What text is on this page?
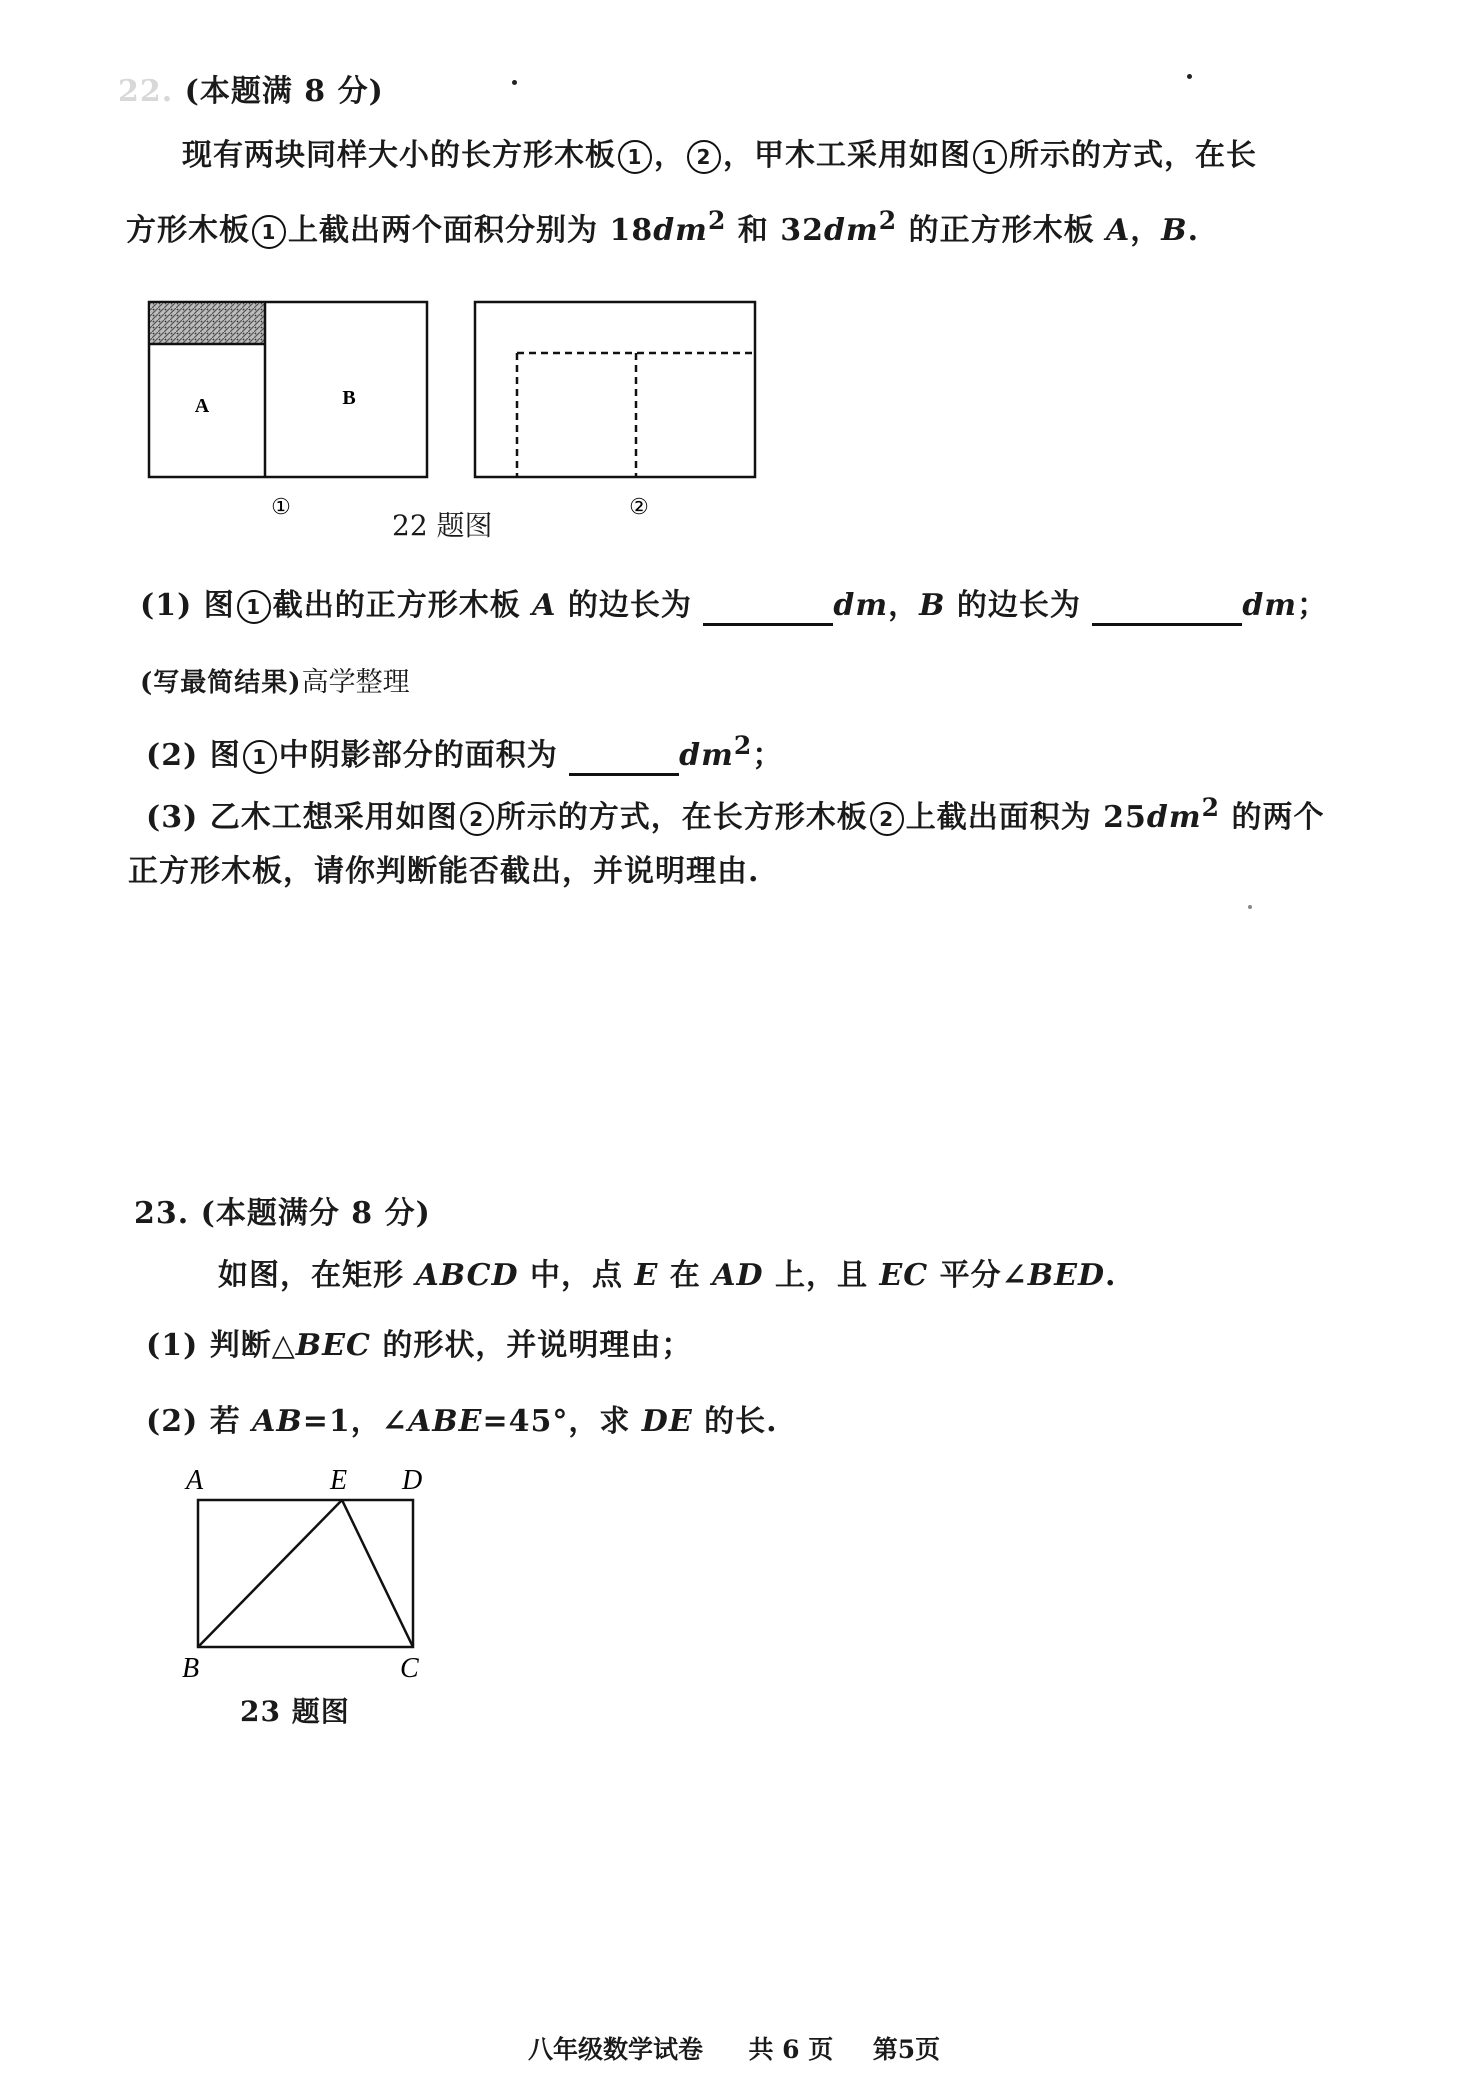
22. (本题满 8 分)
现有两块同样大小的长方形木板 1 ， 2 ，甲木工采用如图 1 所示的方式，在长
方形木板 1 上截出两个面积分别为 $18dm^2$ 和 $32dm^2$ 的正方形木板 A，B.
A	B
①	②
22 题图
(1) 图 1 截出的正方形木板 A 的边长为	dm，B 的边长为	dm；
(写最简结果)高学整理
(2) 图 1 中阴影部分的面积为	$dm^2$；
(3) 乙木工想采用如图 2 所示的方式，在长方形木板 2 上截出面积为 $25dm^2$ 的两个
正方形木板，请你判断能否截出，并说明理由.
23. (本题满分 8 分)
如图，在矩形 ABCD 中，点 E 在 AD 上，且 EC 平分∠BED.
(1) 判断△BEC 的形状，并说明理由；
(2) 若 AB=1，∠ABE=45°，求 DE 的长.
A	E D
B	C
23 题图
八年级数学试卷 共 6 页 第5页
